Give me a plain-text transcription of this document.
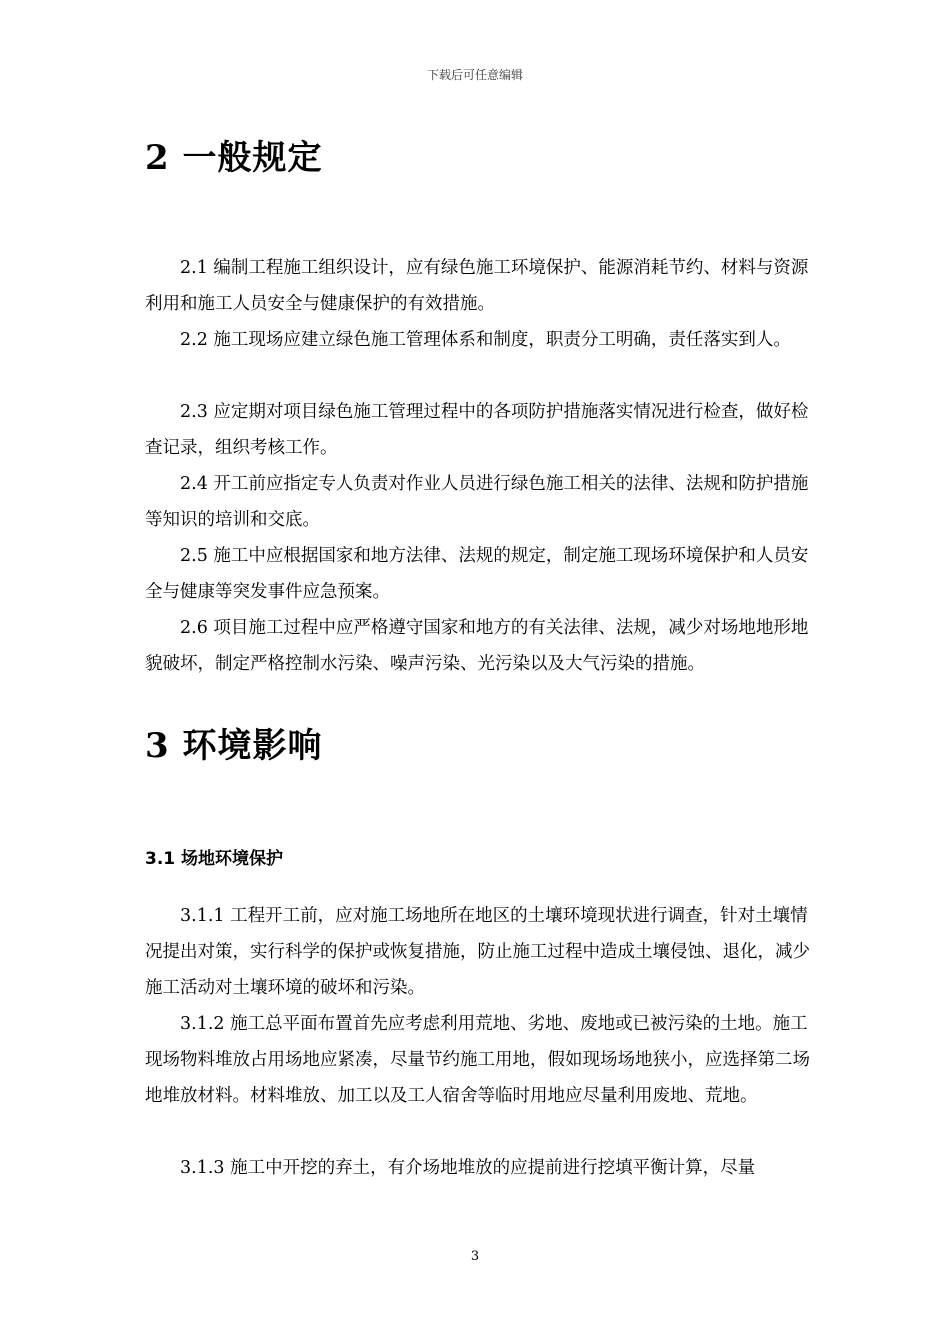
下载后可任意编辑
2 一般规定

2.1 编制工程施工组织设计，应有绿色施工环境保护、能源消耗节约、材料与资源利用和施工人员安全与健康保护的有效措施。

2.2 施工现场应建立绿色施工管理体系和制度，职责分工明确，责任落实到人。

2.3 应定期对项目绿色施工管理过程中的各项防护措施落实情况进行检查，做好检查记录，组织考核工作。

2.4 开工前应指定专人负责对作业人员进行绿色施工相关的法律、法规和防护措施等知识的培训和交底。

2.5 施工中应根据国家和地方法律、法规的规定，制定施工现场环境保护和人员安全与健康等突发事件应急预案。

2.6 项目施工过程中应严格遵守国家和地方的有关法律、法规，减少对场地地形地貌破坏，制定严格控制水污染、噪声污染、光污染以及大气污染的措施。

3 环境影响
3.1 场地环境保护

3.1.1 工程开工前，应对施工场地所在地区的土壤环境现状进行调查，针对土壤情况提出对策，实行科学的保护或恢复措施，防止施工过程中造成土壤侵蚀、退化，减少施工活动对土壤环境的破坏和污染。

3.1.2 施工总平面布置首先应考虑利用荒地、劣地、废地或已被污染的土地。施工现场物料堆放占用场地应紧凑，尽量节约施工用地，假如现场场地狭小，应选择第二场地堆放材料。材料堆放、加工以及工人宿舍等临时用地应尽量利用废地、荒地。

3.1.3 施工中开挖的弃土，有介场地堆放的应提前进行挖填平衡计算，尽量

3
